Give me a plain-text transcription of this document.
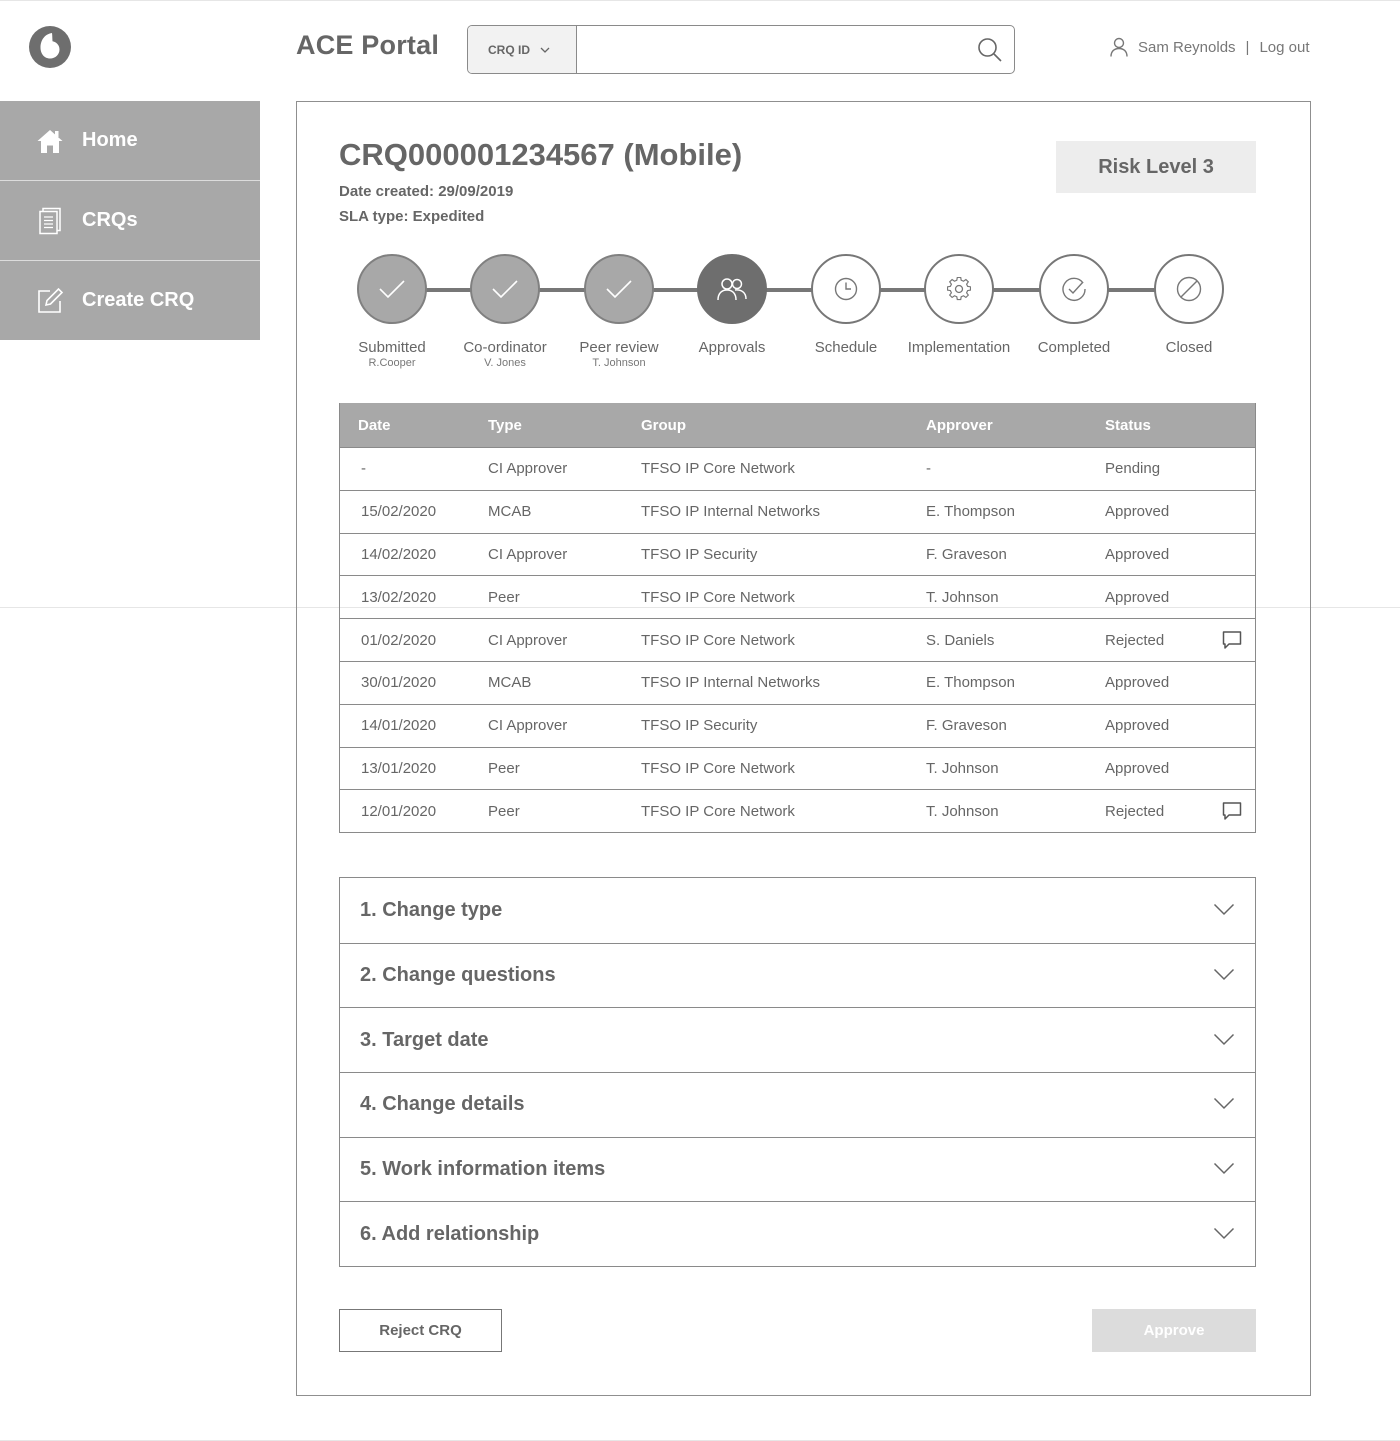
ACE Portal	CRQ ID	Sam Reynolds | Log out
Home
CRQs
Create CRQ
CRQ000001234567 (Mobile)
Date created: 29/09/2019
SLA type: Expedited
Risk Level 3
Submitted
R.Cooper
Co-ordinator
V. Jones
Peer review
T. Johnson
Approvals	Schedule	Implementation	Completed	Closed
Date	Type	Group	Approver	Status
-	CI Approver	TFSO IP Core Network	-	Pending
15/02/2020	MCAB	TFSO IP Internal Networks	E. Thompson	Approved
14/02/2020	CI Approver	TFSO IP Security	F. Graveson	Approved
13/02/2020	Peer	TFSO IP Core Network	T. Johnson	Approved
01/02/2020	CI Approver	TFSO IP Core Network	S. Daniels	Rejected
30/01/2020	MCAB	TFSO IP Internal Networks	E. Thompson	Approved
14/01/2020	CI Approver	TFSO IP Security	F. Graveson	Approved
13/01/2020	Peer	TFSO IP Core Network	T. Johnson	Approved
12/01/2020	Peer	TFSO IP Core Network	T. Johnson	Rejected
1. Change type
2. Change questions
3. Target date
4. Change details
5. Work information items
6. Add relationship
Reject CRQ	Approve
